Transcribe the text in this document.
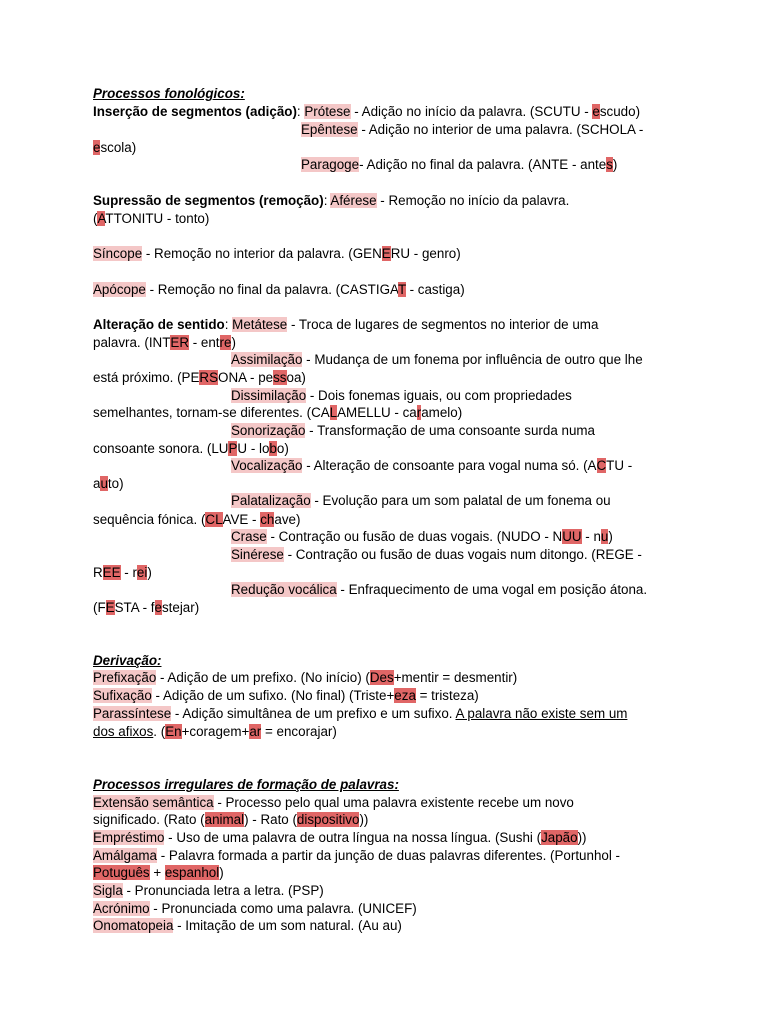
Processos fonológicos:
Inserção de segmentos (adição): Prótese - Adição no início da palavra. (SCUTU - escudo)
Epêntese - Adição no interior de uma palavra. (SCHOLA -
escola)
Paragoge- Adição no final da palavra. (ANTE - antes)
Supressão de segmentos (remoção): Aférese - Remoção no início da palavra.
(ATTONITU - tonto)
Síncope - Remoção no interior da palavra. (GENERU - genro)
Apócope - Remoção no final da palavra. (CASTIGAT - castiga)
Alteração de sentido: Metátese - Troca de lugares de segmentos no interior de uma
palavra. (INTER - entre)
Assimilação - Mudança de um fonema por influência de outro que lhe
está próximo. (PERSONA - pessoa)
Dissimilação - Dois fonemas iguais, ou com propriedades
semelhantes, tornam-se diferentes. (CALAMELLU - caramelo)
Sonorização - Transformação de uma consoante surda numa
consoante sonora. (LUPU - lobo)
Vocalização - Alteração de consoante para vogal numa só. (ACTU -
auto)
Palatalização - Evolução para um som palatal de um fonema ou
sequência fónica. (CLAVE - chave)
Crase - Contração ou fusão de duas vogais. (NUDO - NUU - nu)
Sinérese - Contração ou fusão de duas vogais num ditongo. (REGE -
REE - rei)
Redução vocálica - Enfraquecimento de uma vogal em posição átona.
(FESTA - festejar)
Derivação:
Prefixação - Adição de um prefixo. (No início) (Des+mentir = desmentir)
Sufixação - Adição de um sufixo. (No final) (Triste+eza = tristeza)
Parassíntese - Adição simultânea de um prefixo e um sufixo. A palavra não existe sem um
dos afixos. (En+coragem+ar = encorajar)
Processos irregulares de formação de palavras:
Extensão semântica - Processo pelo qual uma palavra existente recebe um novo
significado. (Rato (animal) - Rato (dispositivo))
Empréstimo - Uso de uma palavra de outra língua na nossa língua. (Sushi (Japão))
Amálgama - Palavra formada a partir da junção de duas palavras diferentes. (Portunhol -
Potuguês + espanhol)
Sigla - Pronunciada letra a letra. (PSP)
Acrónimo - Pronunciada como uma palavra. (UNICEF)
Onomatopeia - Imitação de um som natural. (Au au)
